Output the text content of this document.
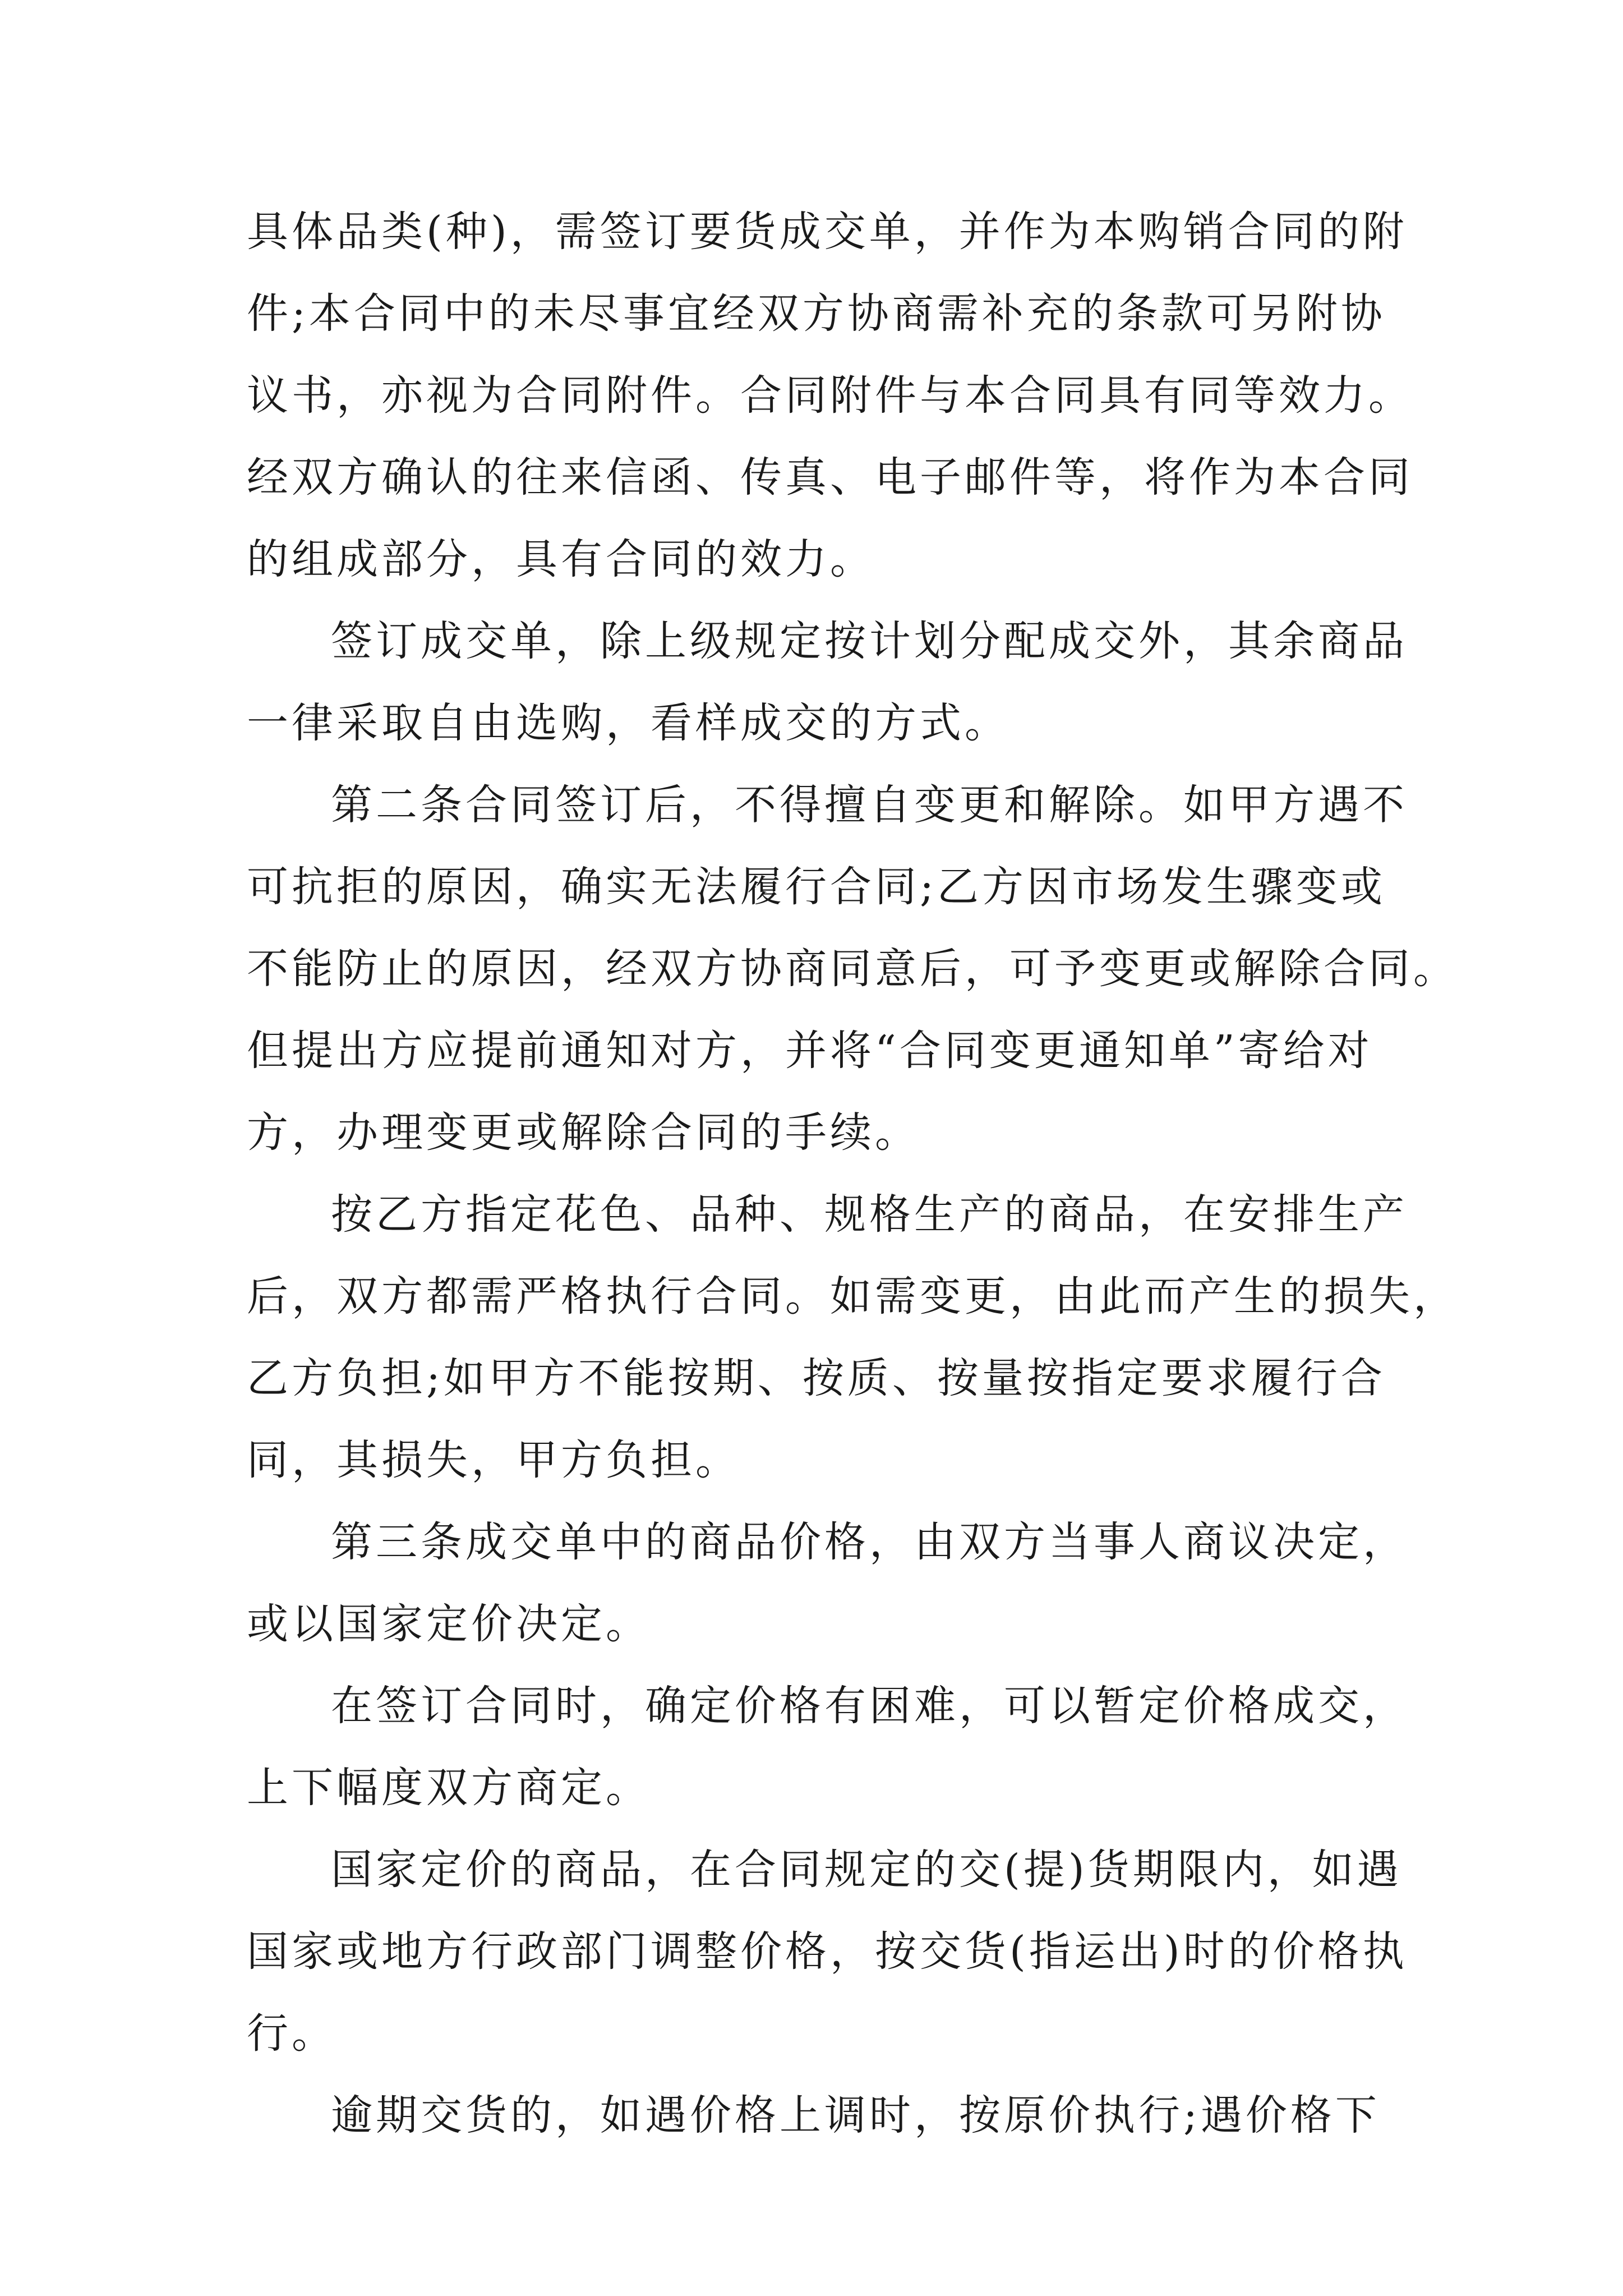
具体品类(种)，需签订要货成交单，并作为本购销合同的附
件;本合同中的未尽事宜经双方协商需补充的条款可另附协
议书，亦视为合同附件。合同附件与本合同具有同等效力。
经双方确认的往来信函、传真、电子邮件等，将作为本合同
的组成部分，具有合同的效力。
签订成交单，除上级规定按计划分配成交外，其余商品
一律采取自由选购，看样成交的方式。
第二条合同签订后，不得擅自变更和解除。如甲方遇不
可抗拒的原因，确实无法履行合同;乙方因市场发生骤变或
不能防止的原因，经双方协商同意后，可予变更或解除合同。
但提出方应提前通知对方，并将“合同变更通知单”寄给对
方，办理变更或解除合同的手续。
按乙方指定花色、品种、规格生产的商品，在安排生产
后，双方都需严格执行合同。如需变更，由此而产生的损失，
乙方负担;如甲方不能按期、按质、按量按指定要求履行合
同，其损失，甲方负担。
第三条成交单中的商品价格，由双方当事人商议决定，
或以国家定价决定。
在签订合同时，确定价格有困难，可以暂定价格成交，
上下幅度双方商定。
国家定价的商品，在合同规定的交(提)货期限内，如遇
国家或地方行政部门调整价格，按交货(指运出)时的价格执
行。
逾期交货的，如遇价格上调时，按原价执行;遇价格下
